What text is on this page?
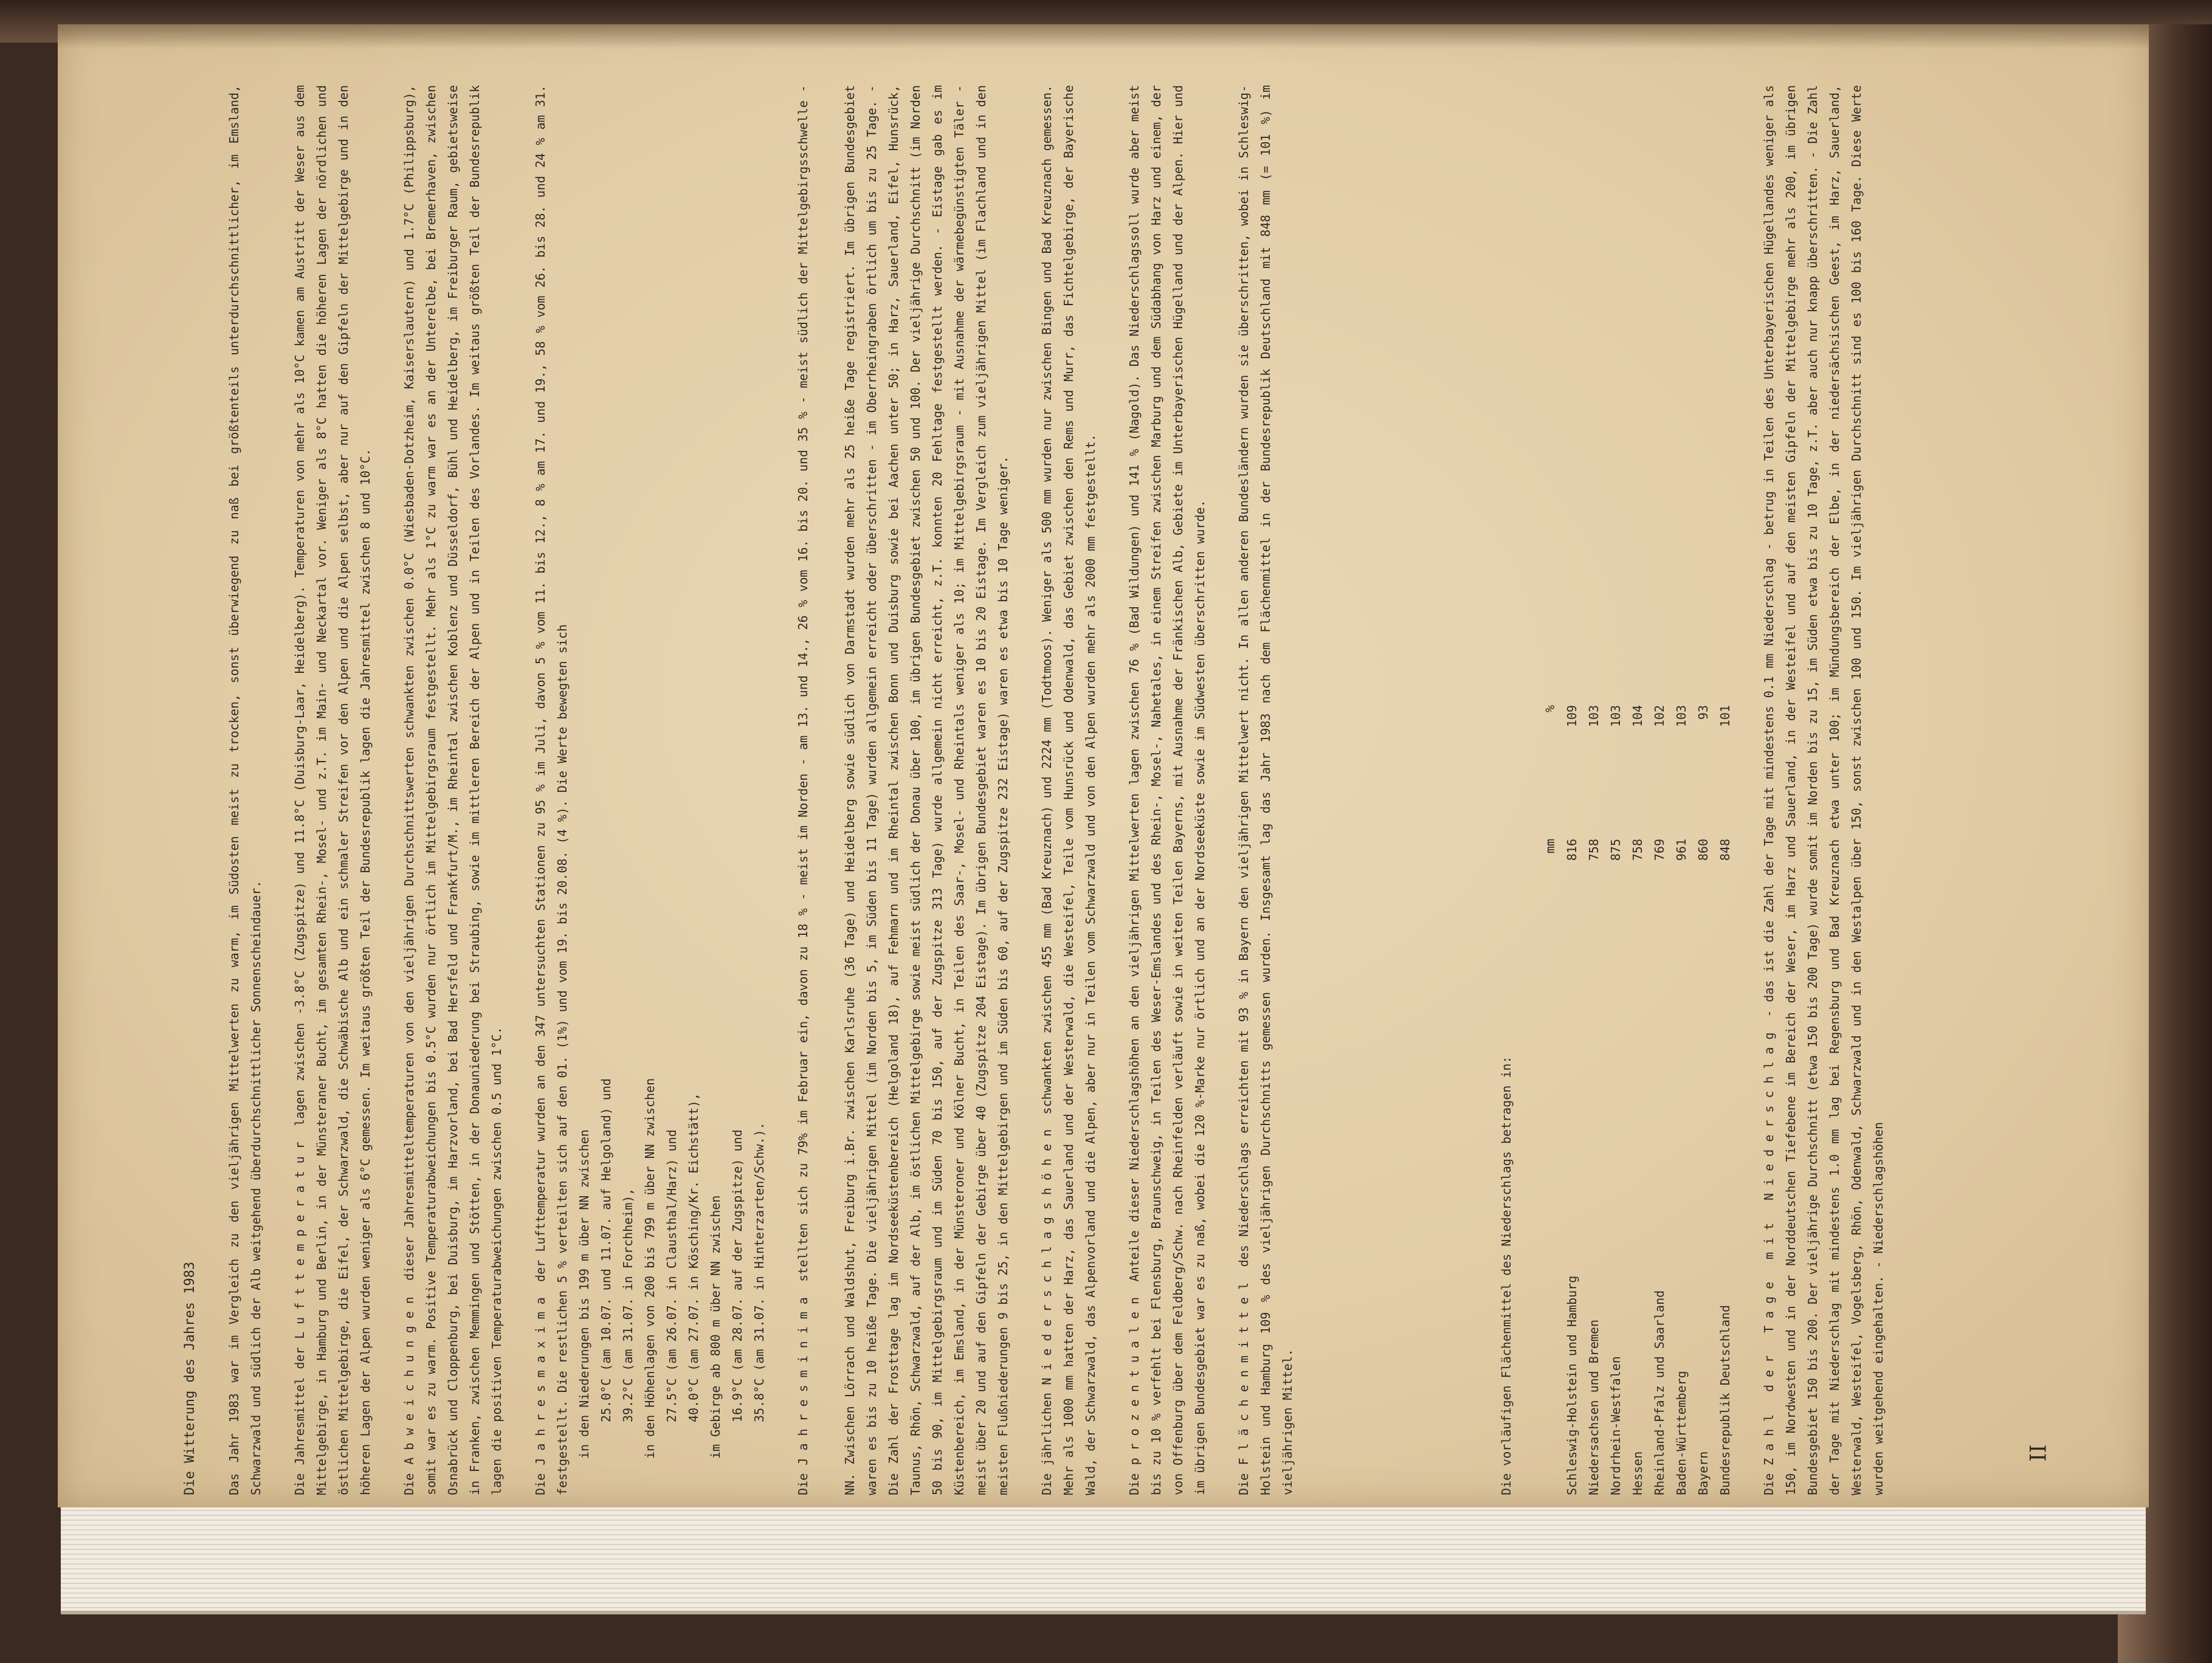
Die Witterung des Jahres 1983	Das Jahr 1983 war im Vergleich zu den vieljährigen Mittelwerten zu warm, im Südosten meist zu trocken, sonst überwiegend zu naß bei größtenteils unterdurchschnittlicher, im Emsland, Schwarzwald und südlich der Alb weitgehend überdurchschnittlicher Sonnenscheindauer.	Die Jahresmittel der Lufttemperatur lagen zwischen -3.8°C (Zugspitze) und 11.8°C (Duisburg-Laar, Heidelberg). Temperaturen von mehr als 10°C kamen am Austritt der Weser aus dem Mittelgebirge, in Hamburg und Berlin, in der Münsteraner Bucht, im gesamten Rhein-, Mosel- und z.T. im Main- und Neckartal vor. Weniger als 8°C hatten die höheren Lagen der nördlichen und östlichen Mittelgebirge, die Eifel, der Schwarzwald, die Schwäbische Alb und ein schmaler Streifen vor den Alpen und die Alpen selbst, aber nur auf den Gipfeln der Mittelgebirge und in den höheren Lagen der Alpen wurden weniger als 6°C gemessen. Im weitaus größten Teil der Bundesrepublik lagen die Jahresmittel zwischen 8 und 10°C.	Die Abweichungen dieser Jahresmitteltemperaturen von den vieljährigen Durchschnittswerten schwankten zwischen 0.0°C (Wiesbaden-Dotzheim, Kaiserslautern) und 1.7°C (Philippsburg), somit war es zu warm. Positive Temperaturabweichungen bis 0.5°C wurden nur örtlich im Mittelgebirgsraum festgestellt. Mehr als 1°C zu warm war es an der Unterelbe, bei Bremerhaven, zwischen Osnabrück und Cloppenburg, bei Duisburg, im Harzvorland, bei Bad Hersfeld und Frankfurt/M., im Rheintal zwischen Koblenz und Düsseldorf, Bühl und Heidelberg, im Freiburger Raum, gebietsweise in Franken, zwischen Memmingen und Stötten, in der Donauniederung bei Straubing, sowie im mittleren Bereich der Alpen und in Teilen des Vorlandes. Im weitaus größten Teil der Bundesrepublik lagen die positiven Temperaturabweichungen zwischen 0.5 und 1°C.	Die Jahresmaxima der Lufttemperatur wurden an den 347 untersuchten Stationen zu 95 % im Juli, davon 5 % vom 11. bis 12., 8 % am 17. und 19., 58 % vom 26. bis 28. und 24 % am 31. festgestellt. Die restlichen 5 % verteilten sich auf den 01. (1%) und vom 19. bis 20.08. (4 %). Die Werte bewegten sich in den Niederungen bis 199 m über NN zwischen 25.0°C (am 10.07. und 11.07. auf Helgoland) und 39.2°C (am 31.07. in Forchheim), in den Höhenlagen von 200 bis 799 m über NN zwischen 27.5°C (am 26.07. in Clausthal/Harz) und 40.0°C (am 27.07. in Kösching/Kr. Eichstätt), im Gebirge ab 800 m über NN zwischen 16.9°C (am 28.07. auf der Zugspitze) und 35.8°C (am 31.07. in Hinterzarten/Schw.).

Die Jahresminima stellten sich zu 79% im Februar ein, davon zu 18 % - meist im Norden - am 13. und 14., 26 % vom 16. bis 20. und 35 % - meist südlich der Mittelgebirgsschwelle -	NN. Zwischen Lörrach und Waldshut, Freiburg i.Br. zwischen Karlsruhe (36 Tage) und Heidelberg sowie südlich von Darmstadt wurden mehr als 25 heiße Tage registriert. Im übrigen Bundesgebiet waren es bis zu 10 heiße Tage. Die vieljährigen Mittel (im Norden bis 5, im Süden bis 11 Tage) wurden allgemein erreicht oder überschritten - im Oberrheingraben örtlich um bis zu 25 Tage. - Die Zahl der Frosttage lag im Nordseeküstenbereich (Helgoland 18), auf Fehmarn und im Rheintal zwischen Bonn und Duisburg sowie bei Aachen unter 50; in Harz, Sauerland, Eifel, Hunsrück, Taunus, Rhön, Schwarzwald, auf der Alb, im östlichen Mittelgebirge sowie meist südlich der Donau über 100, im übrigen Bundesgebiet zwischen 50 und 100. Der vieljährige Durchschnitt (im Norden 50 bis 90, im Mittelgebirgsraum und im Süden 70 bis 150, auf der Zugspitze 313 Tage) wurde allgemein nicht erreicht, z.T. konnten 20 Fehltage festgestellt werden. - Eistage gab es im Küstenbereich, im Emsland, in der Münsteroner und Kölner Bucht, in Teilen des Saar-, Mosel- und Rheintals weniger als 10; im Mittelgebirgsraum - mit Ausnahme der wärmebegünstigten Täler - meist über 20 und auf den Gipfeln der Gebirge über 40 (Zugspitze 204 Eistage). Im übrigen Bundesgebiet waren es 10 bis 20 Eistage. Im Vergleich zum vieljährigen Mittel (im Flachland und in den meisten Flußniederungen 9 bis 25, in den Mittelgebirgen und im Süden bis 60, auf der Zugspitze 232 Eistage) waren es etwa bis 10 Tage weniger.	Die jährlichen Niederschlagshöhen schwankten zwischen 455 mm (Bad Kreuznach) und 2224 mm (Todtmoos). Weniger als 500 mm wurden nur zwischen Bingen und Bad Kreuznach gemessen. Mehr als 1000 mm hatten der Harz, das Sauerland und der Westerwald, die Westeifel, Teile vom Hunsrück und Odenwald, das Gebiet zwischen den Rems und Murr, das Fichtelgebirge, der Bayerische Wald, der Schwarzwald, das Alpenvorland und die Alpen, aber nur in Teilen vom Schwarzwald und von den Alpen wurden mehr als 2000 mm festgestellt.	Die prozentualen Anteile dieser Niederschlagshöhen an den vieljährigen Mittelwerten lagen zwischen 76 % (Bad Wildungen) und 141 % (Nagold). Das Niederschlagssoll wurde aber meist bis zu 10 % verfehlt bei Flensburg, Braunschweig, in Teilen des Weser-Emslandes und des Rhein-, Mosel-, Nahetales, in einem Streifen zwischen Marburg und dem Südabhang von Harz und einem, der von Offenburg über dem Feldberg/Schw. nach Rheinfelden verläuft sowie in weiten Teilen Bayerns, mit Ausnahme der Fränkischen Alb, Gebiete im Unterbayerischen Hügelland und der Alpen. Hier und im übrigen Bundesgebiet war es zu naß, wobei die 120 %-Marke nur örtlich und an der Nordseeküste sowie im Südwesten überschritten wurde.	Die Flächenmittel des Niederschlags erreichten mit 93 % in Bayern den vieljährigen Mittelwert nicht. In allen anderen Bundesländern wurden sie überschritten, wobei in Schleswig-Holstein und Hamburg 109 % des vieljährigen Durchschnitts gemessen wurden. Insgesamt lag das Jahr 1983 nach dem Flächenmittel in der Bundesrepublik Deutschland mit 848 mm (= 101 %) im vieljährigen Mittel.	Die vorläufigen Flächenmittel des Niederschlags betragen in:

	mm	%
Schleswig-Holstein und Hamburg	816	109
Niedersachsen und Bremen	758	103
Nordrhein-Westfalen	875	103
Hessen	758	104
Rheinland-Pfalz und Saarland	769	102
Baden-Württemberg	961	103
Bayern	860	93
Bundesrepublik Deutschland	848	101

Die Zahl der Tage mit Niederschlag - das ist die Zahl der Tage mit mindestens 0.1 mm Niederschlag - betrug in Teilen des Unterbayerischen Hügellandes weniger als 150, im Nordwesten und in der Norddeutschen Tiefebene im Bereich der Weser, im Harz und Sauerland, in der Westeifel und auf den meisten Gipfeln der Mittelgebirge mehr als 200, im übrigen Bundesgebiet 150 bis 200. Der vieljährige Durchschnitt (etwa 150 bis 200 Tage) wurde somit im Norden bis zu 15, im Süden etwa bis zu 10 Tage, z.T. aber auch nur knapp überschritten. - Die Zahl der Tage mit Niederschlag mit mindestens 1.0 mm lag bei Regensburg und Bad Kreuznach etwa unter 100; im Mündungsbereich der Elbe, in der niedersächsischen Geest, im Harz, Sauerland, Westerwald, Westeifel, Vogelsberg, Rhön, Odenwald, Schwarzwald und in den Westalpen über 150, sonst zwischen 100 und 150. Im vieljährigen Durchschnitt sind es 100 bis 160 Tage. Diese Werte wurden weitgehend eingehalten. - Niederschlagshöhen	II
